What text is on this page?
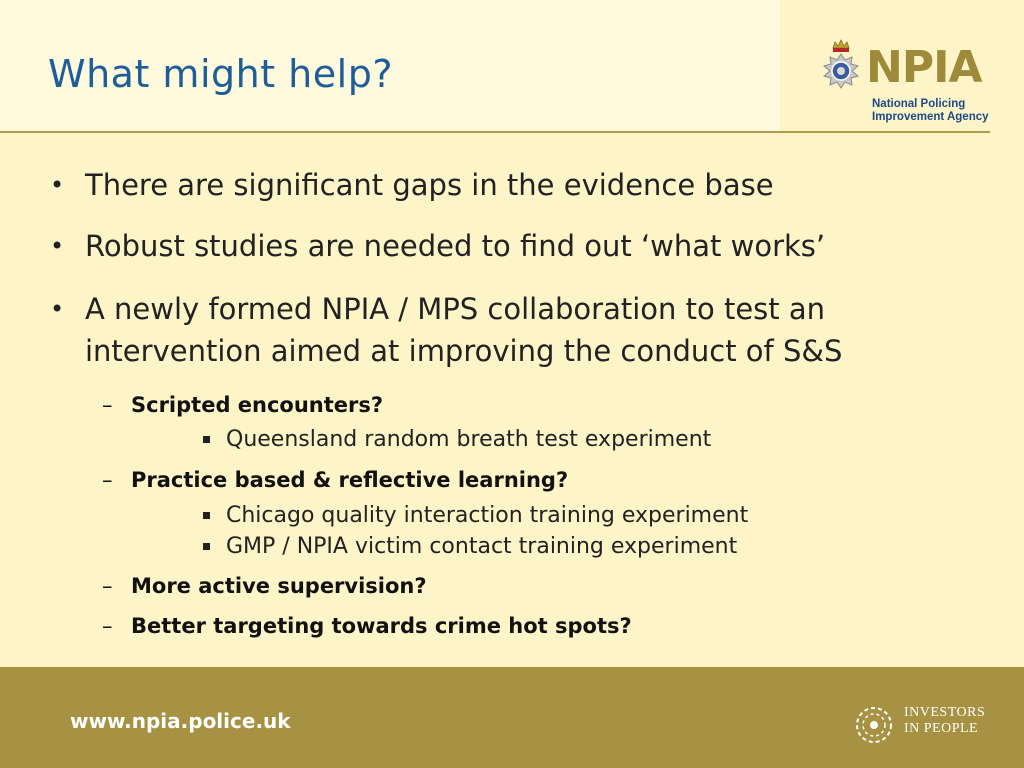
What might help?	NPIA
National Policing
Improvement Agency
• There are significant gaps in the evidence base
• Robust studies are needed to find out ‘what works’
• A newly formed NPIA / MPS collaboration to test an
intervention aimed at improving the conduct of S&S
– Scripted encounters?
Queensland random breath test experiment
– Practice based & reflective learning?
Chicago quality interaction training experiment
GMP / NPIA victim contact training experiment
– More active supervision?
– Better targeting towards crime hot spots?
www.npia.police.uk	INVESTORS
IN PEOPLE
